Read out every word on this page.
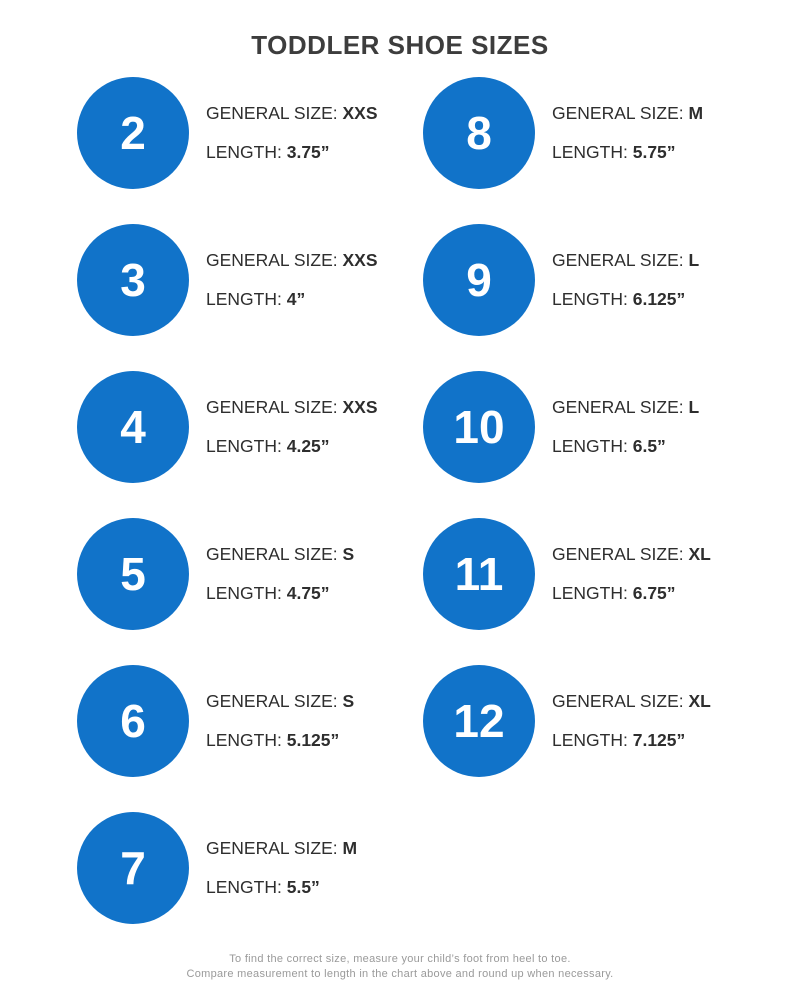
TODDLER SHOE SIZES
2	GENERAL SIZE: XXS
LENGTH: 3.75”
3	GENERAL SIZE: XXS
LENGTH: 4”
4	GENERAL SIZE: XXS
LENGTH: 4.25”
5	GENERAL SIZE: S
LENGTH: 4.75”
6	GENERAL SIZE: S
LENGTH: 5.125”
7	GENERAL SIZE: M
LENGTH: 5.5”
8	GENERAL SIZE: M
LENGTH: 5.75”
9	GENERAL SIZE: L
LENGTH: 6.125”
10	GENERAL SIZE: L
LENGTH: 6.5”
11	GENERAL SIZE: XL
LENGTH: 6.75”
12	GENERAL SIZE: XL
LENGTH: 7.125”
To find the correct size, measure your child’s foot from heel to toe.
Compare measurement to length in the chart above and round up when necessary.
